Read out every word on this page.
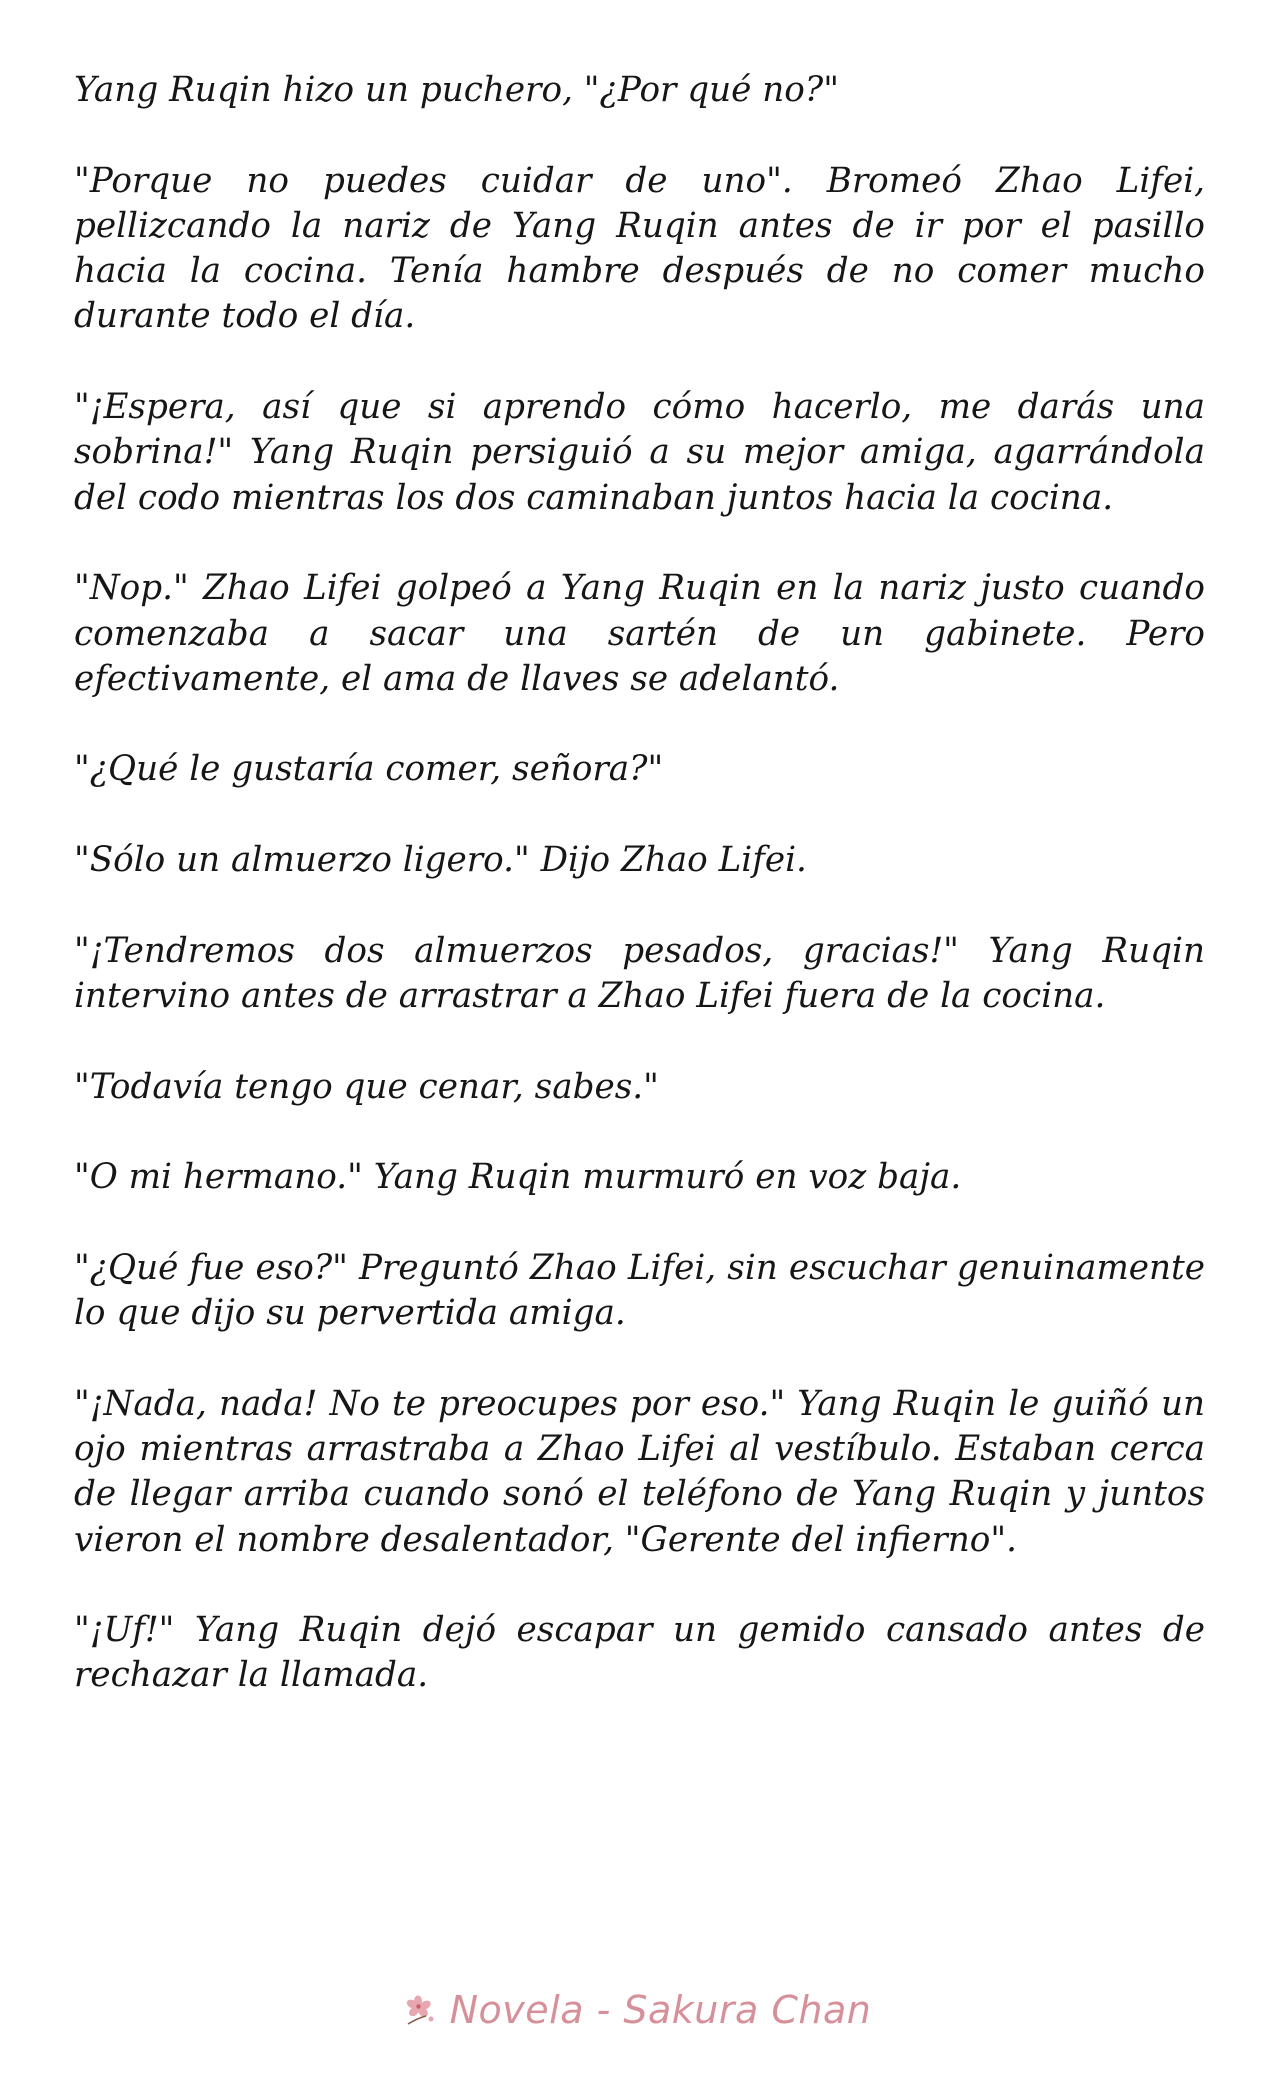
Yang Ruqin hizo un puchero, "¿Por qué no?"

"Porque no puedes cuidar de uno". Bromeó Zhao Lifei, pellizcando la nariz de Yang Ruqin antes de ir por el pasillo hacia la cocina. Tenía hambre después de no comer mucho durante todo el día.

"¡Espera, así que si aprendo cómo hacerlo, me darás una sobrina!" Yang Ruqin persiguió a su mejor amiga, agarrándola del codo mientras los dos caminaban juntos hacia la cocina.

"Nop." Zhao Lifei golpeó a Yang Ruqin en la nariz justo cuando comenzaba a sacar una sartén de un gabinete. Pero efectivamente, el ama de llaves se adelantó.

"¿Qué le gustaría comer, señora?"

"Sólo un almuerzo ligero." Dijo Zhao Lifei.

"¡Tendremos dos almuerzos pesados, gracias!" Yang Ruqin intervino antes de arrastrar a Zhao Lifei fuera de la cocina.

"Todavía tengo que cenar, sabes."

"O mi hermano." Yang Ruqin murmuró en voz baja.

"¿Qué fue eso?" Preguntó Zhao Lifei, sin escuchar genuinamente lo que dijo su pervertida amiga.

"¡Nada, nada! No te preocupes por eso." Yang Ruqin le guiñó un ojo mientras arrastraba a Zhao Lifei al vestíbulo. Estaban cerca de llegar arriba cuando sonó el teléfono de Yang Ruqin y juntos vieron el nombre desalentador, "Gerente del infierno".

"¡Uf!" Yang Ruqin dejó escapar un gemido cansado antes de rechazar la llamada.

Novela - Sakura Chan
